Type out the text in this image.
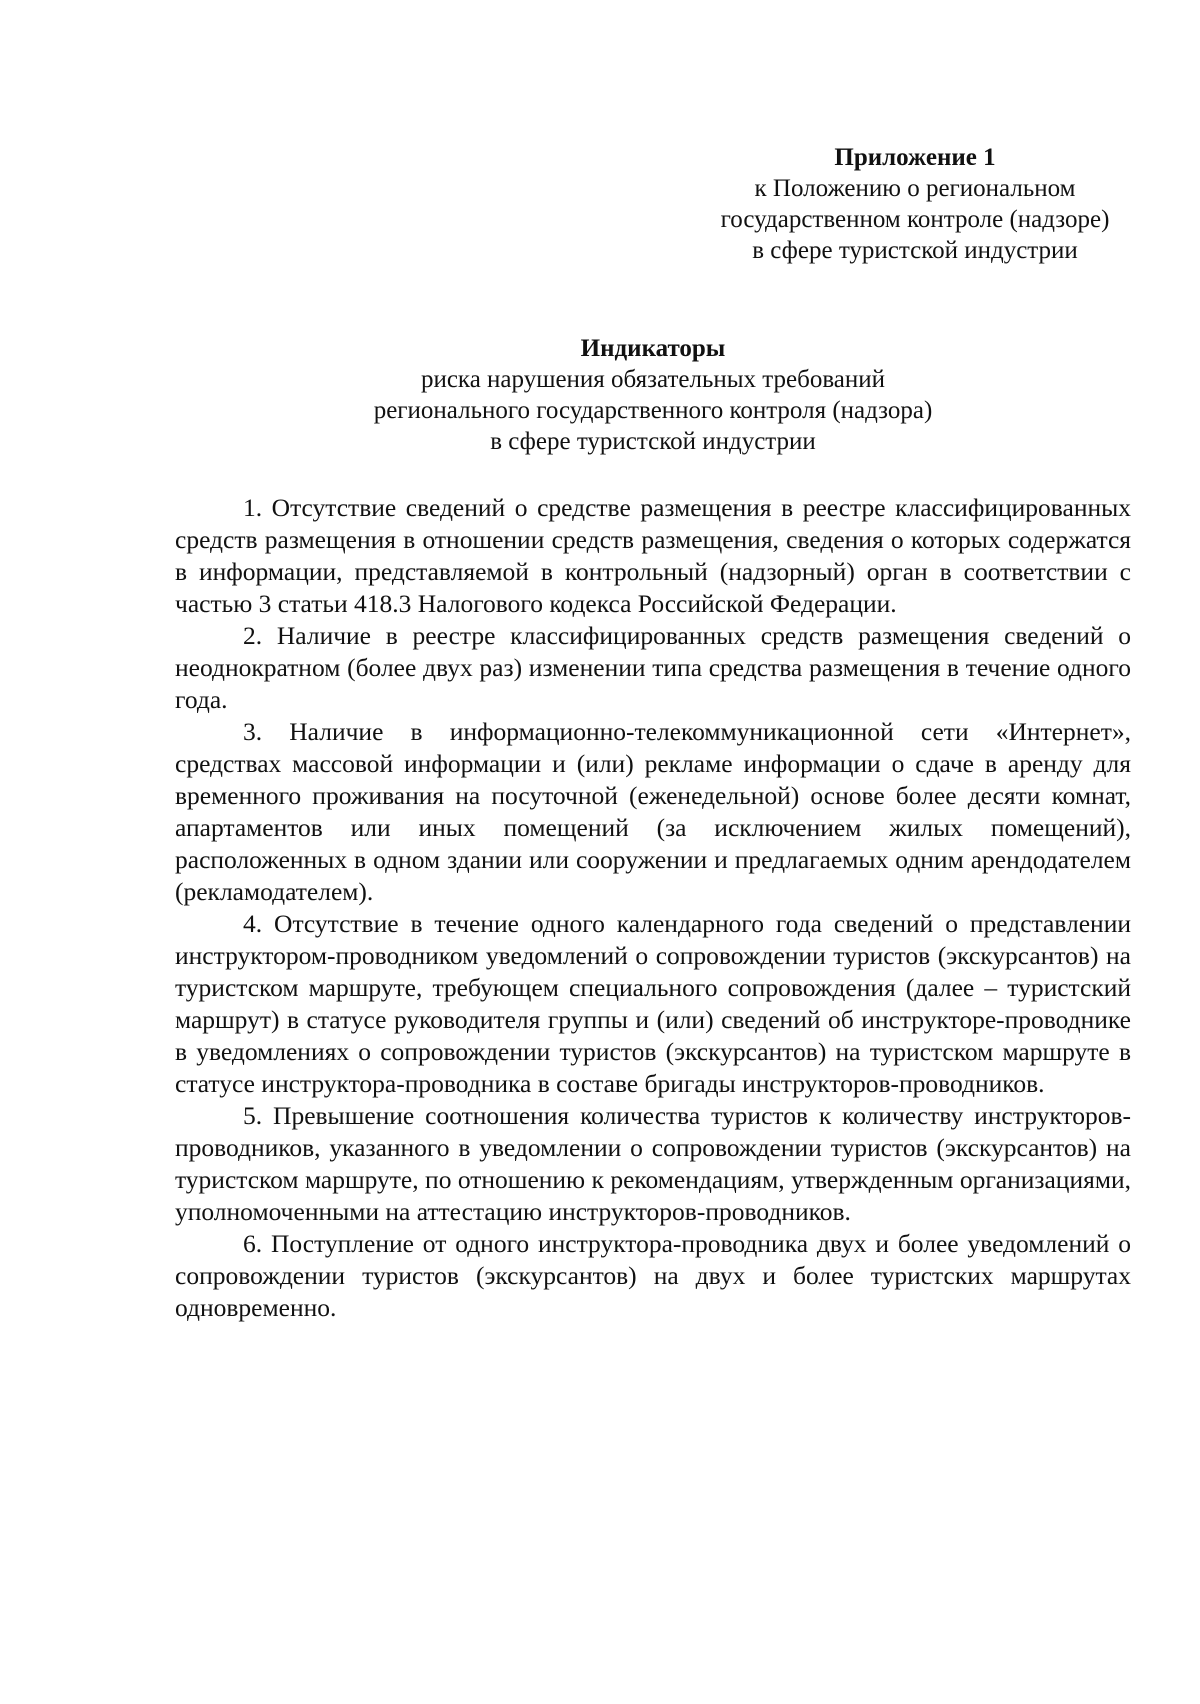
Приложение 1
к Положению о региональном
государственном контроле (надзоре)
в сфере туристской индустрии
Индикаторы
риска нарушения обязательных требований
регионального государственного контроля (надзора)
в сфере туристской индустрии

1. Отсутствие сведений о средстве размещения в реестре классифицированных средств размещения в отношении средств размещения, сведения о которых содержатся в информации, представляемой в контрольный (надзорный) орган в соответствии с частью 3 статьи 418.3 Налогового кодекса Российской Федерации.

2. Наличие в реестре классифицированных средств размещения сведений о неоднократном (более двух раз) изменении типа средства размещения в течение одного года.

3. Наличие в информационно-телекоммуникационной сети «Интернет», средствах массовой информации и (или) рекламе информации о сдаче в аренду для временного проживания на посуточной (еженедельной) основе более десяти комнат, апартаментов или иных помещений (за исключением жилых помещений), расположенных в одном здании или сооружении и предлагаемых одним арендодателем (рекламодателем).

4. Отсутствие в течение одного календарного года сведений о представлении инструктором-проводником уведомлений о сопровождении туристов (экскурсантов) на туристском маршруте, требующем специального сопровождения (далее – туристский маршрут) в статусе руководителя группы и (или) сведений об инструкторе-проводнике в уведомлениях о сопровождении туристов (экскурсантов) на туристском маршруте в статусе инструктора-проводника в составе бригады инструкторов-проводников.

5. Превышение соотношения количества туристов к количеству инструкторов-проводников, указанного в уведомлении о сопровождении туристов (экскурсантов) на туристском маршруте, по отношению к рекомендациям, утвержденным организациями, уполномоченными на аттестацию инструкторов-проводников.

6. Поступление от одного инструктора-проводника двух и более уведомлений о сопровождении туристов (экскурсантов) на двух и более туристских маршрутах одновременно.
